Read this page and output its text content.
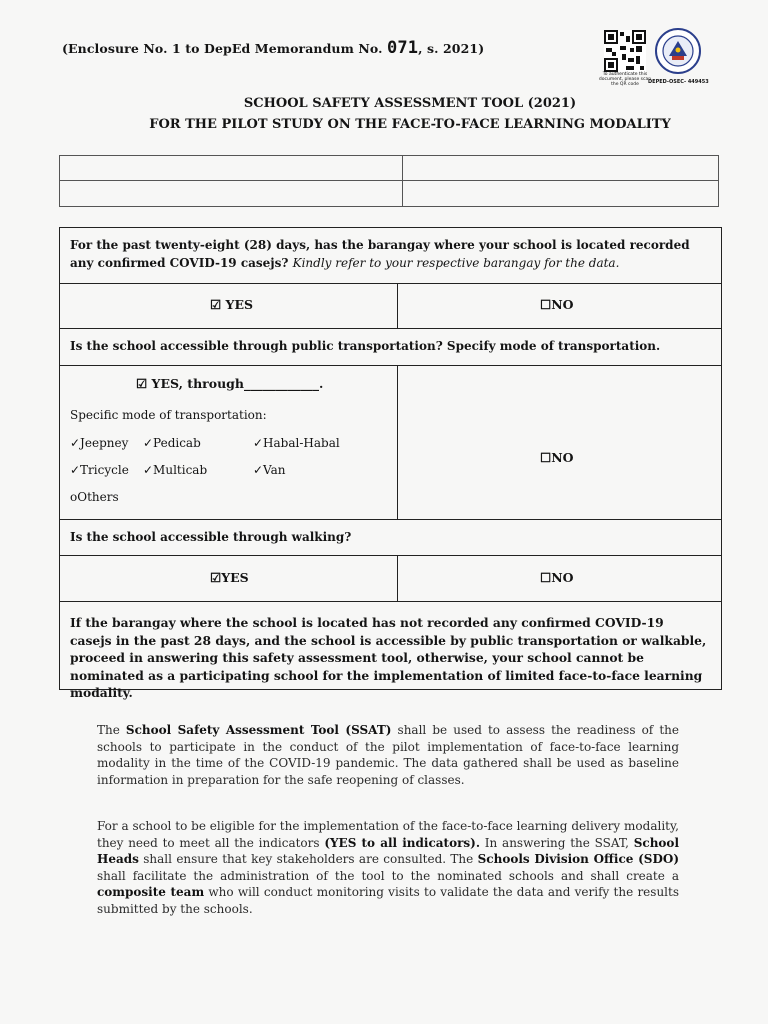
(Enclosure No. 1 to DepEd Memorandum No. 071, s. 2021)
To authenticate this document, please scan the QR code	DEPED-OSEC- 449453
SCHOOL SAFETY ASSESSMENT TOOL (2021)
FOR THE PILOT STUDY ON THE FACE-TO-FACE LEARNING MODALITY
For the past twenty-eight (28) days, has the barangay where your school is located recorded any confirmed COVID-19 casejs? Kindly refer to your respective barangay for the data.
☑ YES	☐NO
Is the school accessible through public transportation? Specify mode of transportation.
☑ YES, through____________.
Specific mode of transportation:
✓Jeepney ✓Pedicab	✓Habal-Habal
✓Tricycle ✓Multicab	✓Van
oOthers
☐NO
Is the school accessible through walking?
☑YES	☐NO
If the barangay where the school is located has not recorded any confirmed COVID-19 casejs in the past 28 days, and the school is accessible by public transportation or walkable, proceed in answering this safety assessment tool, otherwise, your school cannot be nominated as a participating school for the implementation of limited face-to-face learning modality.
The School Safety Assessment Tool (SSAT) shall be used to assess the readiness of the schools to participate in the conduct of the pilot implementation of face-to-face learning modality in the time of the COVID-19 pandemic. The data gathered shall be used as baseline information in preparation for the safe reopening of classes.
For a school to be eligible for the implementation of the face-to-face learning delivery modality, they need to meet all the indicators (YES to all indicators). In answering the SSAT, School Heads shall ensure that key stakeholders are consulted. The Schools Division Office (SDO) shall facilitate the administration of the tool to the nominated schools and shall create a composite team who will conduct monitoring visits to validate the data and verify the results submitted by the schools.
